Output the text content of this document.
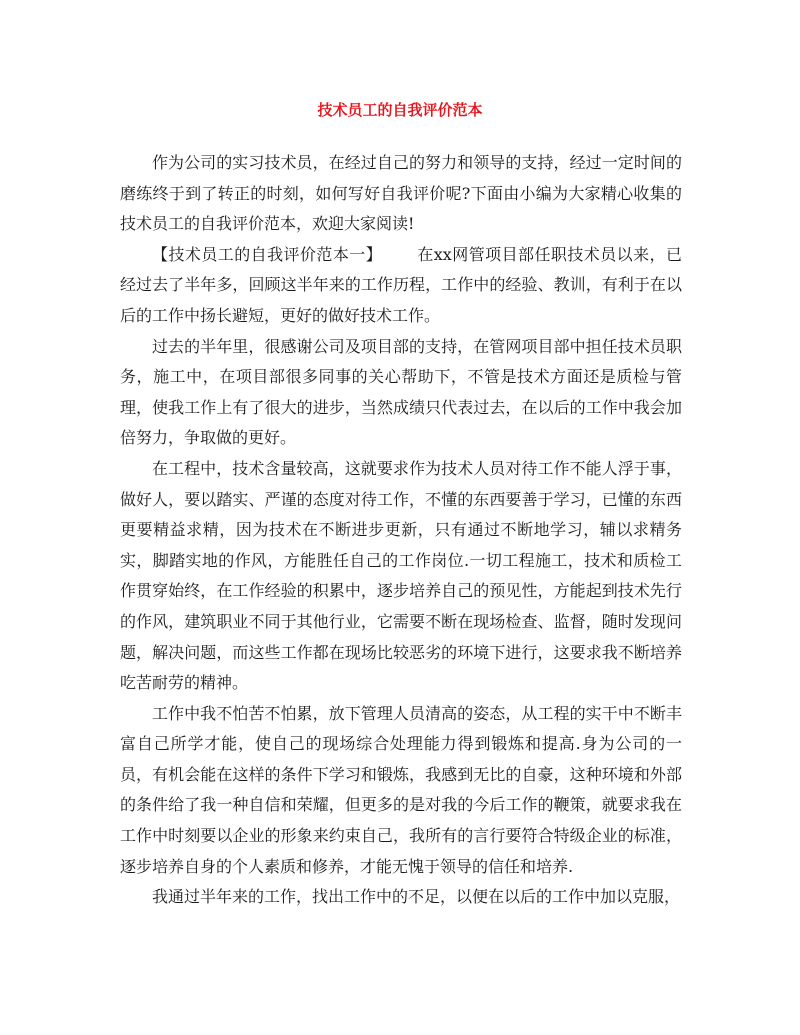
技术员工的自我评价范本

作为公司的实习技术员，在经过自己的努力和领导的支持，经过一定时间的磨练终于到了转正的时刻，如何写好自我评价呢?下面由小编为大家精心收集的技术员工的自我评价范本，欢迎大家阅读!

【技术员工的自我评价范本一】 在xx网管项目部任职技术员以来，已经过去了半年多，回顾这半年来的工作历程，工作中的经验、教训，有利于在以后的工作中扬长避短，更好的做好技术工作。

过去的半年里，很感谢公司及项目部的支持，在管网项目部中担任技术员职务，施工中，在项目部很多同事的关心帮助下，不管是技术方面还是质检与管理，使我工作上有了很大的进步，当然成绩只代表过去，在以后的工作中我会加倍努力，争取做的更好。

在工程中，技术含量较高，这就要求作为技术人员对待工作不能人浮于事，做好人，要以踏实、严谨的态度对待工作，不懂的东西要善于学习，已懂的东西更要精益求精，因为技术在不断进步更新，只有通过不断地学习，辅以求精务实，脚踏实地的作风，方能胜任自己的工作岗位.一切工程施工，技术和质检工作贯穿始终，在工作经验的积累中，逐步培养自己的预见性，方能起到技术先行的作风，建筑职业不同于其他行业，它需要不断在现场检查、监督，随时发现问题，解决问题，而这些工作都在现场比较恶劣的环境下进行，这要求我不断培养吃苦耐劳的精神。

工作中我不怕苦不怕累，放下管理人员清高的姿态，从工程的实干中不断丰富自己所学才能，使自己的现场综合处理能力得到锻炼和提高.身为公司的一员，有机会能在这样的条件下学习和锻炼，我感到无比的自豪，这种环境和外部的条件给了我一种自信和荣耀，但更多的是对我的今后工作的鞭策，就要求我在工作中时刻要以企业的形象来约束自己，我所有的言行要符合特级企业的标准，逐步培养自身的个人素质和修养，才能无愧于领导的信任和培养.

我通过半年来的工作，找出工作中的不足，以便在以后的工作中加以克服，
